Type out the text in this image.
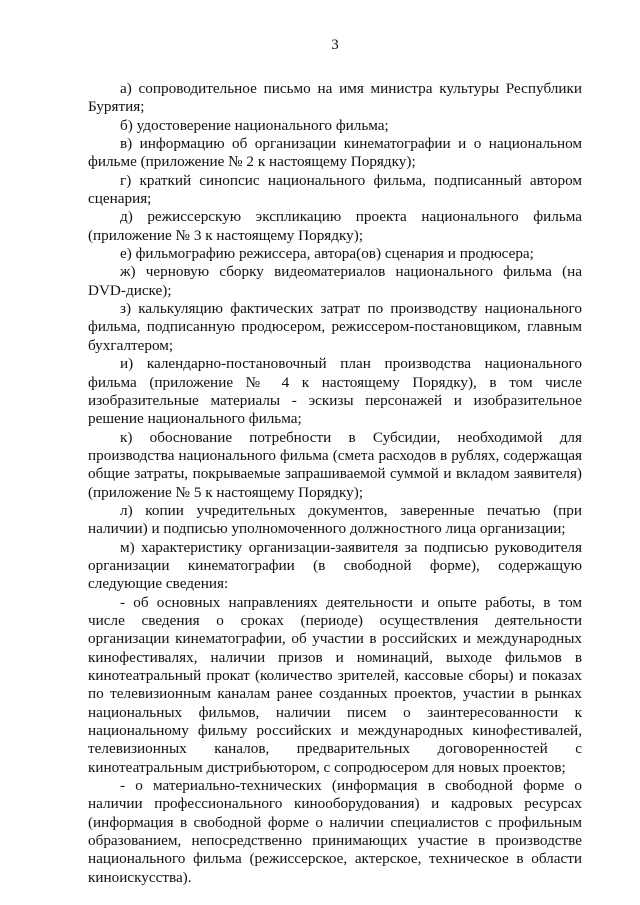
3

а) сопроводительное письмо на имя министра культуры Республики Бурятия;

б) удостоверение национального фильма;

в) информацию об организации кинематографии и о национальном фильме (приложение № 2 к настоящему Порядку);

г) краткий синопсис национального фильма, подписанный автором сценария;

д) режиссерскую экспликацию проекта национального фильма (приложение № 3 к настоящему Порядку);

е) фильмографию режиссера, автора(ов) сценария и продюсера;

ж) черновую сборку видеоматериалов национального фильма (на DVD-диске);

з) калькуляцию фактических затрат по производству национального фильма, подписанную продюсером, режиссером-постановщиком, главным бухгалтером;

и) календарно-постановочный план производства национального фильма (приложение № 4 к настоящему Порядку), в том числе изобразительные материалы - эскизы персонажей и изобразительное решение национального фильма;

к) обоснование потребности в Субсидии, необходимой для производства национального фильма (смета расходов в рублях, содержащая общие затраты, покрываемые запрашиваемой суммой и вкладом заявителя) (приложение № 5 к настоящему Порядку);

л) копии учредительных документов, заверенные печатью (при наличии) и подписью уполномоченного должностного лица организации;

м) характеристику организации-заявителя за подписью руководителя организации кинематографии (в свободной форме), содержащую следующие сведения:

- об основных направлениях деятельности и опыте работы, в том числе сведения о сроках (периоде) осуществления деятельности организации кинематографии, об участии в российских и международных кинофестивалях, наличии призов и номинаций, выходе фильмов в кинотеатральный прокат (количество зрителей, кассовые сборы) и показах по телевизионным каналам ранее созданных проектов, участии в рынках национальных фильмов, наличии писем о заинтересованности к национальному фильму российских и международных кинофестивалей, телевизионных каналов, предварительных договоренностей с кинотеатральным дистрибьютором, с сопродюсером для новых проектов;

- о материально-технических (информация в свободной форме о наличии профессионального кинооборудования) и кадровых ресурсах (информация в свободной форме о наличии специалистов с профильным образованием, непосредственно принимающих участие в производстве национального фильма (режиссерское, актерское, техническое в области киноискусства).
